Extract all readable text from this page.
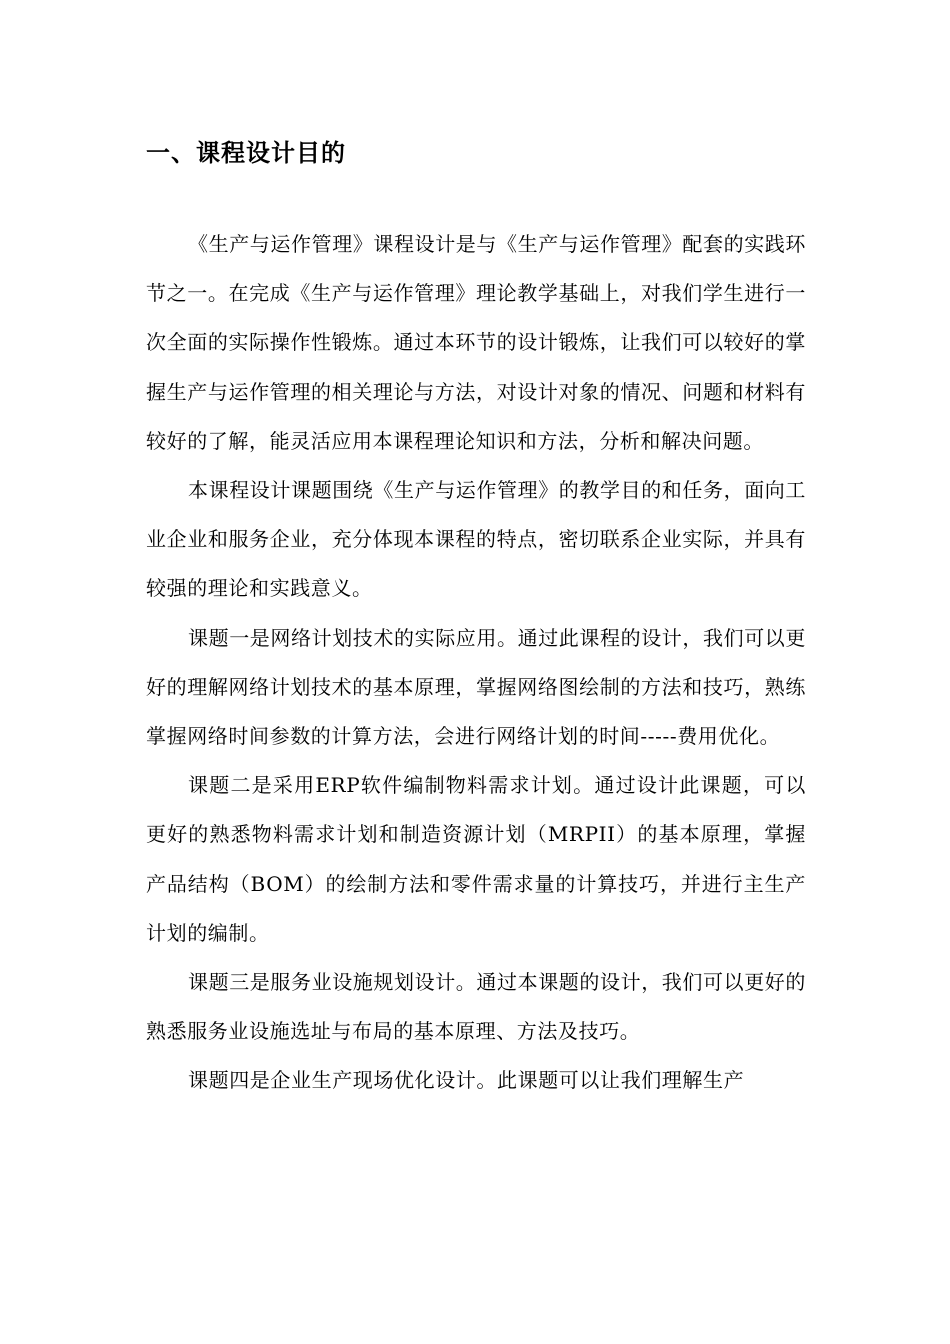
一、课程设计目的

《生产与运作管理》课程设计是与《生产与运作管理》配套的实践环节之一。在完成《生产与运作管理》理论教学基础上，对我们学生进行一次全面的实际操作性锻炼。通过本环节的设计锻炼，让我们可以较好的掌握生产与运作管理的相关理论与方法，对设计对象的情况、问题和材料有较好的了解，能灵活应用本课程理论知识和方法，分析和解决问题。

本课程设计课题围绕《生产与运作管理》的教学目的和任务，面向工业企业和服务企业，充分体现本课程的特点，密切联系企业实际，并具有较强的理论和实践意义。

课题一是网络计划技术的实际应用。通过此课程的设计，我们可以更好的理解网络计划技术的基本原理，掌握网络图绘制的方法和技巧，熟练掌握网络时间参数的计算方法，会进行网络计划的时间-----费用优化。

课题二是采用ERP软件编制物料需求计划。通过设计此课题，可以更好的熟悉物料需求计划和制造资源计划（MRPII）的基本原理，掌握产品结构（BOM）的绘制方法和零件需求量的计算技巧，并进行主生产计划的编制。

课题三是服务业设施规划设计。通过本课题的设计，我们可以更好的熟悉服务业设施选址与布局的基本原理、方法及技巧。

课题四是企业生产现场优化设计。此课题可以让我们理解生产
